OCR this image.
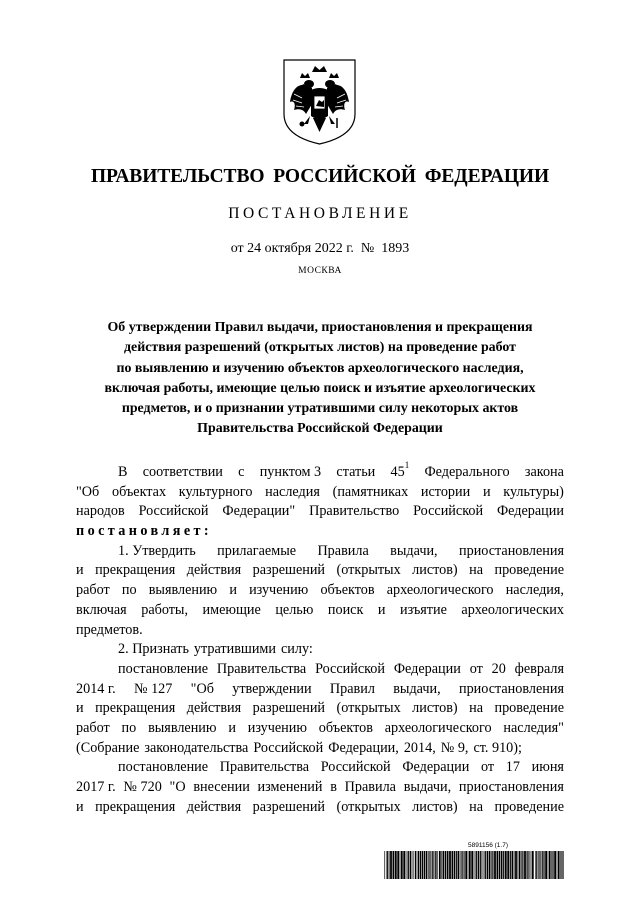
ПРАВИТЕЛЬСТВО РОССИЙСКОЙ ФЕДЕРАЦИИ
ПОСТАНОВЛЕНИЕ
от 24 октября 2022 г.  №  1893
МОСКВА
Об утверждении Правил выдачи, приостановления и прекращения
действия разрешений (открытых листов) на проведение работ
по выявлению и изучению объектов археологического наследия,
включая работы, имеющие целью поиск и изъятие археологических
предметов, и о признании утратившими силу некоторых актов
Правительства Российской Федерации
В соответствии с пунктом 3 статьи $45^1$ Федерального закона
"Об объектах культурного наследия (памятниках истории и культуры)
народов Российской Федерации" Правительство Российской Федерации
постановляет:
1. Утвердить прилагаемые Правила выдачи, приостановления
и прекращения действия разрешений (открытых листов) на проведение
работ по выявлению и изучению объектов археологического наследия,
включая работы, имеющие целью поиск и изъятие археологических
предметов.
2. Признать утратившими силу:
постановление Правительства Российской Федерации от 20 февраля
2014 г. № 127 "Об утверждении Правил выдачи, приостановления
и прекращения действия разрешений (открытых листов) на проведение
работ по выявлению и изучению объектов археологического наследия"
(Собрание законодательства Российской Федерации, 2014, № 9, ст. 910);
постановление Правительства Российской Федерации от 17 июня
2017 г. № 720 "О внесении изменений в Правила выдачи, приостановления
и прекращения действия разрешений (открытых листов) на проведение
5891156 (1.7)
